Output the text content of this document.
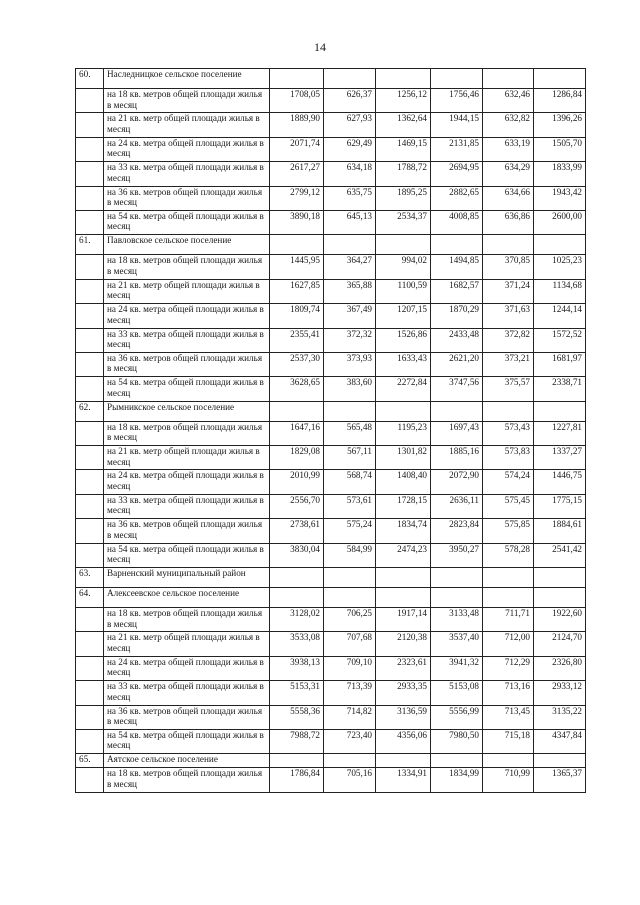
14
60.	Наследницкое сельское поселение						
	на 18 кв. метров общей площади жилья в месяц	1708,05	626,37	1256,12	1756,46	632,46	1286,84
	на 21 кв. метр общей площади жилья в месяц	1889,90	627,93	1362,64	1944,15	632,82	1396,26
	на 24 кв. метра общей площади жилья в месяц	2071,74	629,49	1469,15	2131,85	633,19	1505,70
	на 33 кв. метра общей площади жилья в месяц	2617,27	634,18	1788,72	2694,95	634,29	1833,99
	на 36 кв. метров общей площади жилья в месяц	2799,12	635,75	1895,25	2882,65	634,66	1943,42
	на 54 кв. метра общей площади жилья в месяц	3890,18	645,13	2534,37	4008,85	636,86	2600,00
61.	Павловское сельское поселение						
	на 18 кв. метров общей площади жилья в месяц	1445,95	364,27	994,02	1494,85	370,85	1025,23
	на 21 кв. метр общей площади жилья в месяц	1627,85	365,88	1100,59	1682,57	371,24	1134,68
	на 24 кв. метра общей площади жилья в месяц	1809,74	367,49	1207,15	1870,29	371,63	1244,14
	на 33 кв. метра общей площади жилья в месяц	2355,41	372,32	1526,86	2433,48	372,82	1572,52
	на 36 кв. метров общей площади жилья в месяц	2537,30	373,93	1633,43	2621,20	373,21	1681,97
	на 54 кв. метра общей площади жилья в месяц	3628,65	383,60	2272,84	3747,56	375,57	2338,71
62.	Рымникское сельское поселение						
	на 18 кв. метров общей площади жилья в месяц	1647,16	565,48	1195,23	1697,43	573,43	1227,81
	на 21 кв. метр общей площади жилья в месяц	1829,08	567,11	1301,82	1885,16	573,83	1337,27
	на 24 кв. метра общей площади жилья в месяц	2010,99	568,74	1408,40	2072,90	574,24	1446,75
	на 33 кв. метра общей площади жилья в месяц	2556,70	573,61	1728,15	2636,11	575,45	1775,15
	на 36 кв. метров общей площади жилья в месяц	2738,61	575,24	1834,74	2823,84	575,85	1884,61
	на 54 кв. метра общей площади жилья в месяц	3830,04	584,99	2474,23	3950,27	578,28	2541,42
63.	Варненский муниципальный район						
64.	Алексеевское сельское поселение						
	на 18 кв. метров общей площади жилья в месяц	3128,02	706,25	1917,14	3133,48	711,71	1922,60
	на 21 кв. метр общей площади жилья в месяц	3533,08	707,68	2120,38	3537,40	712,00	2124,70
	на 24 кв. метра общей площади жилья в месяц	3938,13	709,10	2323,61	3941,32	712,29	2326,80
	на 33 кв. метра общей площади жилья в месяц	5153,31	713,39	2933,35	5153,08	713,16	2933,12
	на 36 кв. метров общей площади жилья в месяц	5558,36	714,82	3136,59	5556,99	713,45	3135,22
	на 54 кв. метра общей площади жилья в месяц	7988,72	723,40	4356,06	7980,50	715,18	4347,84
65.	Аятское сельское поселение						
	на 18 кв. метров общей площади жилья в месяц	1786,84	705,16	1334,91	1834,99	710,99	1365,37
